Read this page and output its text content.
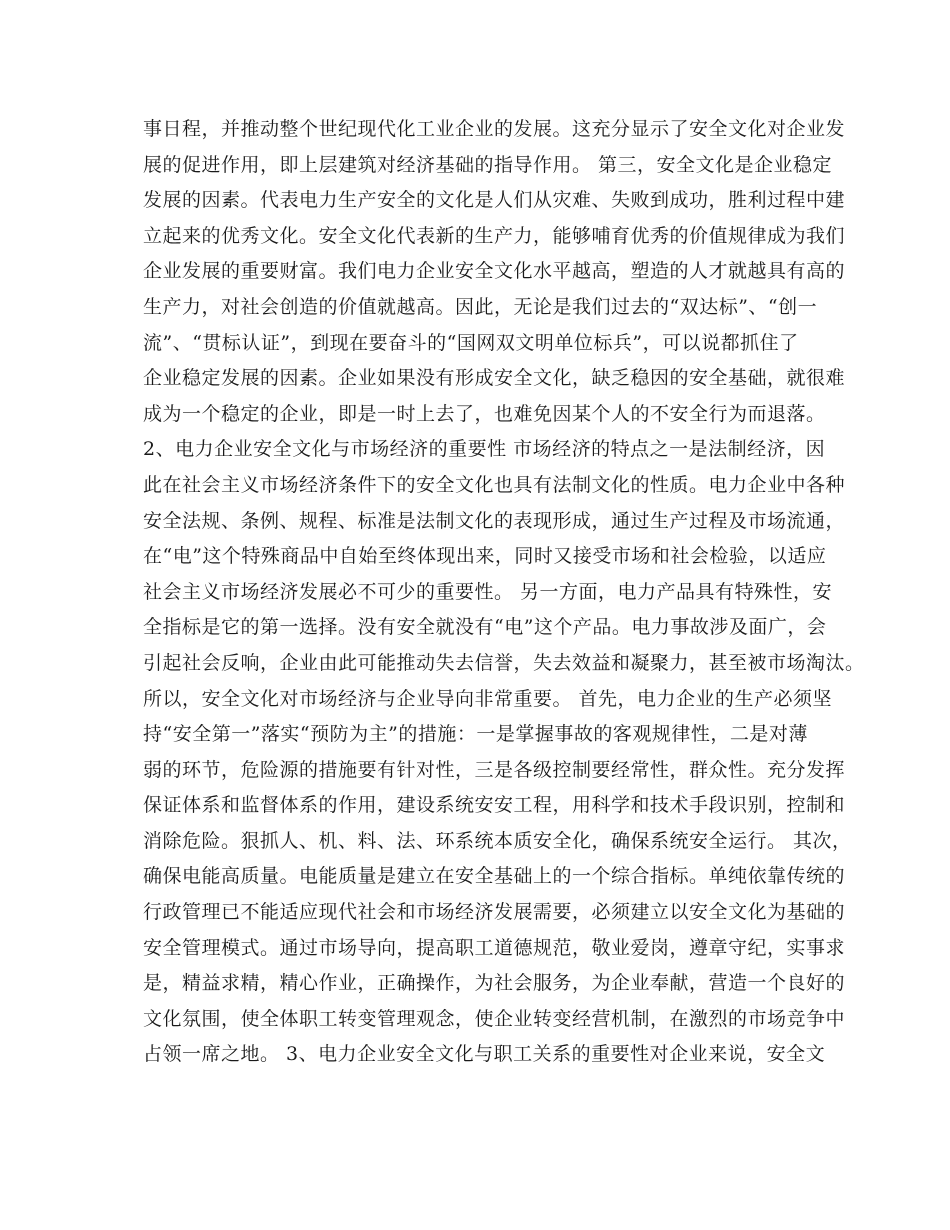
事日程，并推动整个世纪现代化工业企业的发展。这充分显示了安全文化对企业发
展的促进作用，即上层建筑对经济基础的指导作用。 第三，安全文化是企业稳定
发展的因素。代表电力生产安全的文化是人们从灾难、失败到成功，胜利过程中建
立起来的优秀文化。安全文化代表新的生产力，能够哺育优秀的价值规律成为我们
企业发展的重要财富。我们电力企业安全文化水平越高，塑造的人才就越具有高的
生产力，对社会创造的价值就越高。因此，无论是我们过去的“双达标”、“创一
流”、“贯标认证”，到现在要奋斗的“国网双文明单位标兵”，可以说都抓住了
企业稳定发展的因素。企业如果没有形成安全文化，缺乏稳因的安全基础，就很难
成为一个稳定的企业，即是一时上去了，也难免因某个人的不安全行为而退落。
2、电力企业安全文化与市场经济的重要性 市场经济的特点之一是法制经济，因
此在社会主义市场经济条件下的安全文化也具有法制文化的性质。电力企业中各种
安全法规、条例、规程、标准是法制文化的表现形成，通过生产过程及市场流通，
在“电”这个特殊商品中自始至终体现出来，同时又接受市场和社会检验，以适应
社会主义市场经济发展必不可少的重要性。 另一方面，电力产品具有特殊性，安
全指标是它的第一选择。没有安全就没有“电”这个产品。电力事故涉及面广，会
引起社会反响，企业由此可能推动失去信誉，失去效益和凝聚力，甚至被市场淘汰。
所以，安全文化对市场经济与企业导向非常重要。 首先，电力企业的生产必须坚
持“安全第一”落实“预防为主”的措施：一是掌握事故的客观规律性，二是对薄
弱的环节，危险源的措施要有针对性，三是各级控制要经常性，群众性。充分发挥
保证体系和监督体系的作用，建设系统安安工程，用科学和技术手段识别，控制和
消除危险。狠抓人、机、料、法、环系统本质安全化，确保系统安全运行。 其次，
确保电能高质量。电能质量是建立在安全基础上的一个综合指标。单纯依靠传统的
行政管理已不能适应现代社会和市场经济发展需要，必须建立以安全文化为基础的
安全管理模式。通过市场导向，提高职工道德规范，敬业爱岗，遵章守纪，实事求
是，精益求精，精心作业，正确操作，为社会服务，为企业奉献，营造一个良好的
文化氛围，使全体职工转变管理观念，使企业转变经营机制，在激烈的市场竞争中
占领一席之地。 3、电力企业安全文化与职工关系的重要性对企业来说，安全文
